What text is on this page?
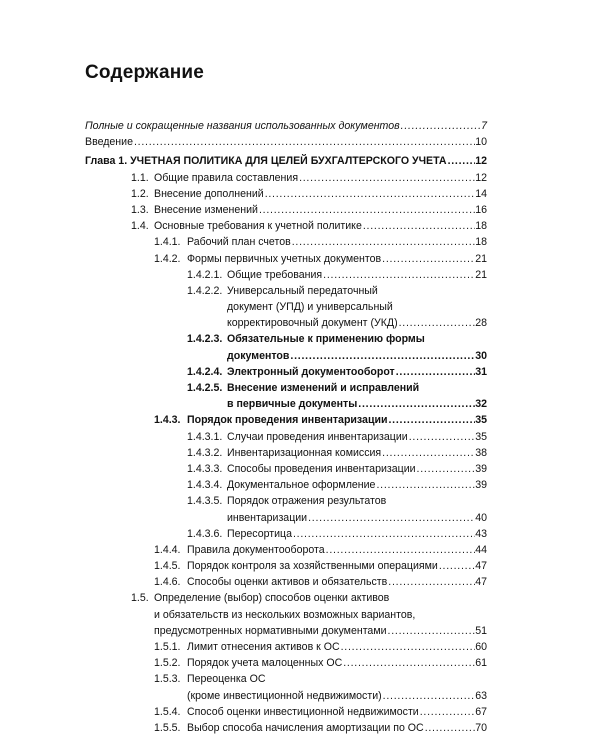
Содержание
Полные и сокращенные названия использованных документов . . .	7
Введение . . .	10
Глава 1. УЧЕТНАЯ ПОЛИТИКА ДЛЯ ЦЕЛЕЙ БУХГАЛТЕРСКОГО УЧЕТА . . .	12
1.1. Общие правила составления . . .	12
1.2. Внесение дополнений . . .	14
1.3. Внесение изменений . . .	16
1.4. Основные требования к учетной политике . . .	18
1.4.1. Рабочий план счетов . . .	18
1.4.2. Формы первичных учетных документов . . .	21
1.4.2.1. Общие требования . . .	21
1.4.2.2. Универсальный передаточный
документ (УПД) и универсальный
корректировочный документ (УКД) . . .	28
1.4.2.3. Обязательные к применению формы
документов . . .	30
1.4.2.4. Электронный документооборот . . .	31
1.4.2.5. Внесение изменений и исправлений
в первичные документы . . .	32
1.4.3. Порядок проведения инвентаризации . . .	35
1.4.3.1. Случаи проведения инвентаризации . . .	35
1.4.3.2. Инвентаризационная комиссия . . .	38
1.4.3.3. Способы проведения инвентаризации . . .	39
1.4.3.4. Документальное оформление . . .	39
1.4.3.5. Порядок отражения результатов
инвентаризации . . .	40
1.4.3.6. Пересортица . . .	43
1.4.4. Правила документооборота . . .	44
1.4.5. Порядок контроля за хозяйственными операциями . . .	47
1.4.6. Способы оценки активов и обязательств . . .	47
1.5. Определение (выбор) способов оценки активов
и обязательств из нескольких возможных вариантов,
предусмотренных нормативными документами . . .	51
1.5.1. Лимит отнесения активов к ОС . . .	60
1.5.2. Порядок учета малоценных ОС . . .	61
1.5.3. Переоценка ОС
(кроме инвестиционной недвижимости) . . .	63
1.5.4. Способ оценки инвестиционной недвижимости . . .	67
1.5.5. Выбор способа начисления амортизации по ОС . . .	70
